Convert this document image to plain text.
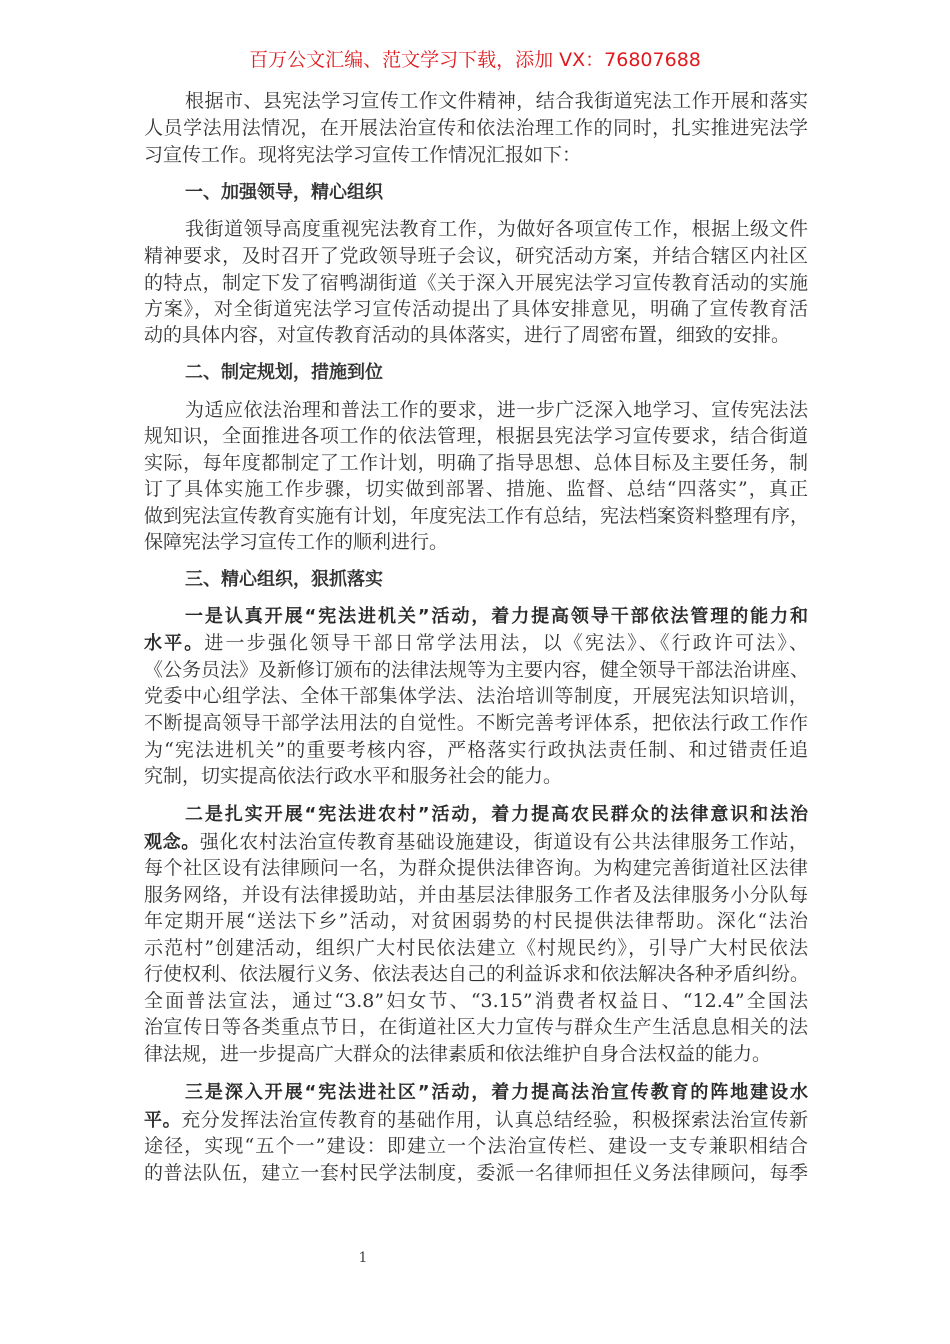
百万公文汇编、范文学习下载，添加 VX：76807688
根据市、县宪法学习宣传工作文件精神，结合我街道宪法工作开展和落实
人员学法用法情况，在开展法治宣传和依法治理工作的同时，扎实推进宪法学
习宣传工作。现将宪法学习宣传工作情况汇报如下：
一、加强领导，精心组织
我街道领导高度重视宪法教育工作，为做好各项宣传工作，根据上级文件
精神要求，及时召开了党政领导班子会议，研究活动方案，并结合辖区内社区
的特点，制定下发了宿鸭湖街道《关于深入开展宪法学习宣传教育活动的实施
方案》，对全街道宪法学习宣传活动提出了具体安排意见，明确了宣传教育活
动的具体内容，对宣传教育活动的具体落实，进行了周密布置，细致的安排。
二、制定规划，措施到位
为适应依法治理和普法工作的要求，进一步广泛深入地学习、宣传宪法法
规知识，全面推进各项工作的依法管理，根据县宪法学习宣传要求，结合街道
实际，每年度都制定了工作计划，明确了指导思想、总体目标及主要任务，制
订了具体实施工作步骤，切实做到部署、措施、监督、总结“四落实”，真正
做到宪法宣传教育实施有计划，年度宪法工作有总结，宪法档案资料整理有序，
保障宪法学习宣传工作的顺利进行。
三、精心组织，狠抓落实
一是认真开展“宪法进机关”活动，着力提高领导干部依法管理的能力和
水平。进一步强化领导干部日常学法用法，以《宪法》、《行政许可法》、
《公务员法》及新修订颁布的法律法规等为主要内容，健全领导干部法治讲座、
党委中心组学法、全体干部集体学法、法治培训等制度，开展宪法知识培训，
不断提高领导干部学法用法的自觉性。不断完善考评体系，把依法行政工作作
为“宪法进机关”的重要考核内容，严格落实行政执法责任制、和过错责任追
究制，切实提高依法行政水平和服务社会的能力。
二是扎实开展“宪法进农村”活动，着力提高农民群众的法律意识和法治
观念。强化农村法治宣传教育基础设施建设，街道设有公共法律服务工作站，
每个社区设有法律顾问一名，为群众提供法律咨询。为构建完善街道社区法律
服务网络，并设有法律援助站，并由基层法律服务工作者及法律服务小分队每
年定期开展“送法下乡”活动，对贫困弱势的村民提供法律帮助。深化“法治
示范村”创建活动，组织广大村民依法建立《村规民约》，引导广大村民依法
行使权利、依法履行义务、依法表达自己的利益诉求和依法解决各种矛盾纠纷。
全面普法宣法，通过“3.8”妇女节、“3.15”消费者权益日、“12.4”全国法
治宣传日等各类重点节日，在街道社区大力宣传与群众生产生活息息相关的法
律法规，进一步提高广大群众的法律素质和依法维护自身合法权益的能力。
三是深入开展“宪法进社区”活动，着力提高法治宣传教育的阵地建设水
平。充分发挥法治宣传教育的基础作用，认真总结经验，积极探索法治宣传新
途径，实现“五个一”建设：即建立一个法治宣传栏、建设一支专兼职相结合
的普法队伍，建立一套村民学法制度，委派一名律师担任义务法律顾问，每季
1
